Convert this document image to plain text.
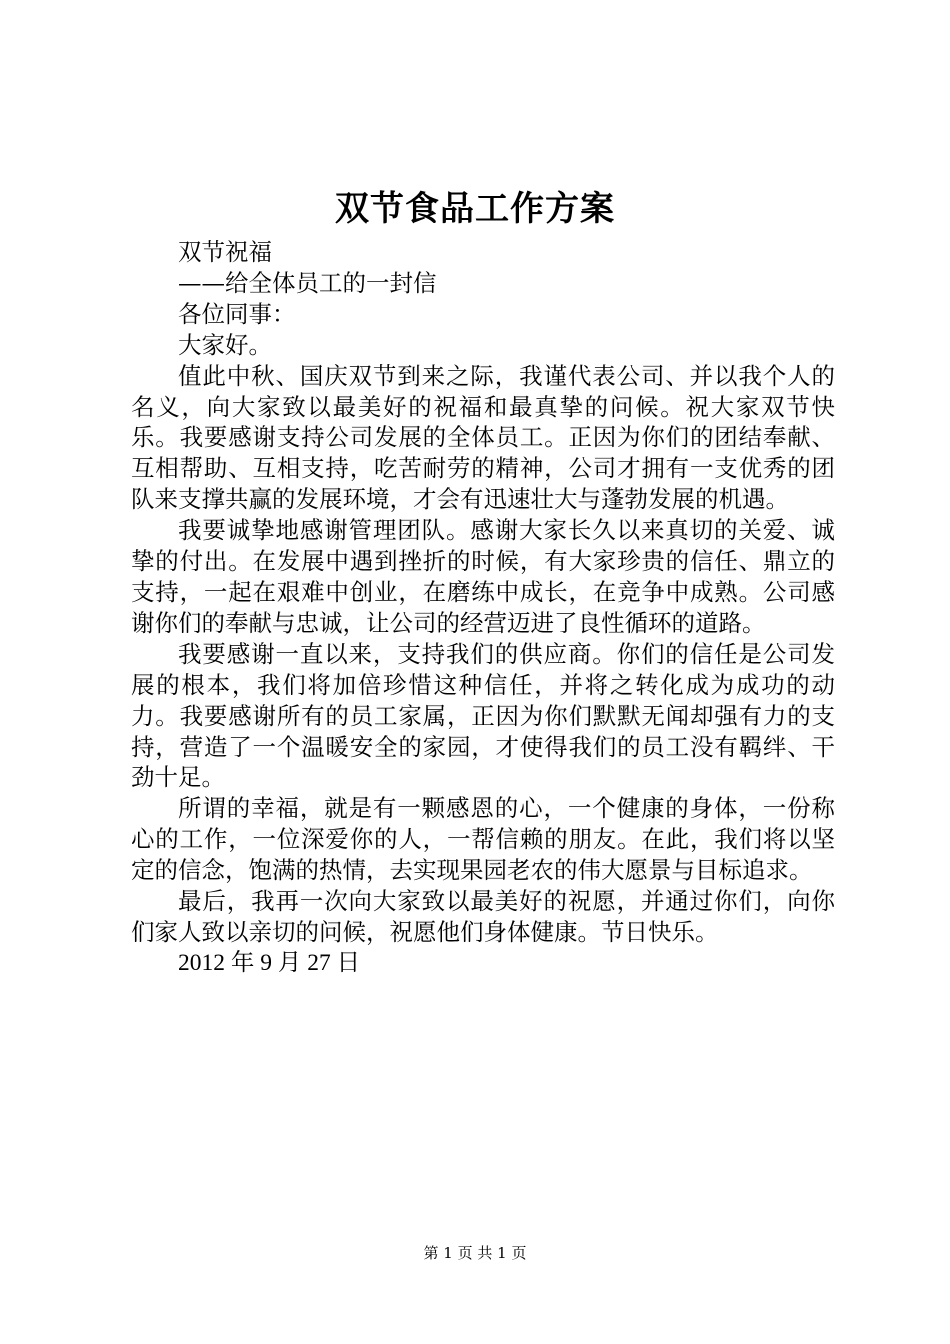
双节食品工作方案

双节祝福

——给全体员工的一封信

各位同事：

大家好。

值此中秋、国庆双节到来之际，我谨代表公司、并以我个人的名义，向大家致以最美好的祝福和最真挚的问候。祝大家双节快乐。我要感谢支持公司发展的全体员工。正因为你们的团结奉献、互相帮助、互相支持，吃苦耐劳的精神，公司才拥有一支优秀的团队来支撑共赢的发展环境，才会有迅速壮大与蓬勃发展的机遇。

我要诚挚地感谢管理团队。感谢大家长久以来真切的关爱、诚挚的付出。在发展中遇到挫折的时候，有大家珍贵的信任、鼎立的支持，一起在艰难中创业，在磨练中成长，在竞争中成熟。公司感谢你们的奉献与忠诚，让公司的经营迈进了良性循环的道路。

我要感谢一直以来，支持我们的供应商。你们的信任是公司发展的根本，我们将加倍珍惜这种信任，并将之转化成为成功的动力。我要感谢所有的员工家属，正因为你们默默无闻却强有力的支持，营造了一个温暖安全的家园，才使得我们的员工没有羁绊、干劲十足。

所谓的幸福，就是有一颗感恩的心，一个健康的身体，一份称心的工作，一位深爱你的人，一帮信赖的朋友。在此，我们将以坚定的信念，饱满的热情，去实现果园老农的伟大愿景与目标追求。

最后，我再一次向大家致以最美好的祝愿，并通过你们，向你们家人致以亲切的问候，祝愿他们身体健康。节日快乐。

2012 年 9 月 27 日

第 1 页 共 1 页
